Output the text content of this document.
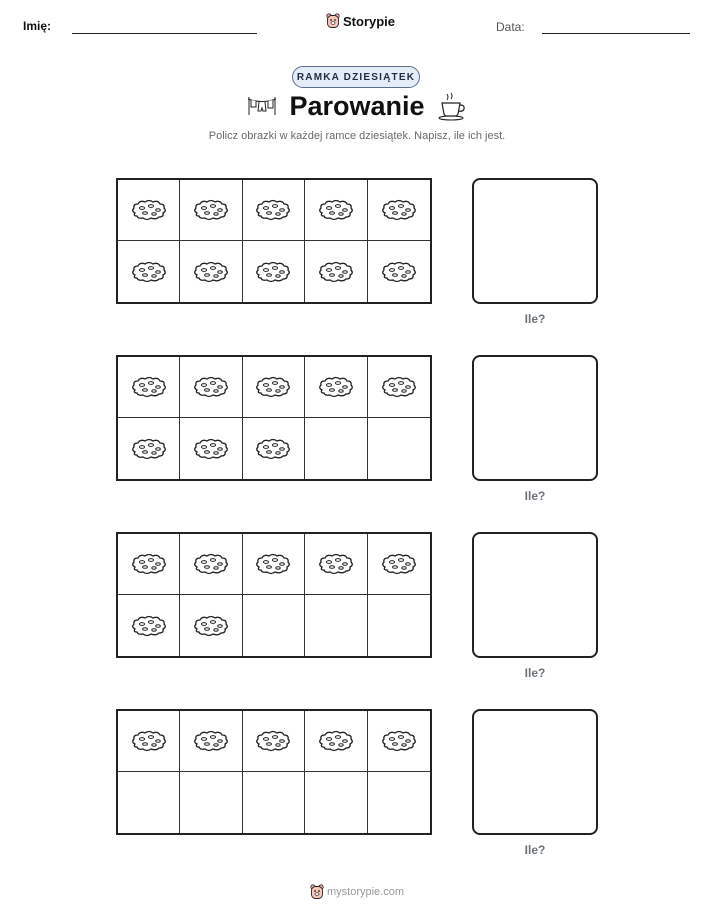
Imię:	Storypie	Data:
RAMKA DZIESIĄTEK
Parowanie
Policz obrazki w każdej ramce dziesiątek. Napisz, ile ich jest.
Ile?
Ile?
Ile?
Ile?
mystorypie.com
